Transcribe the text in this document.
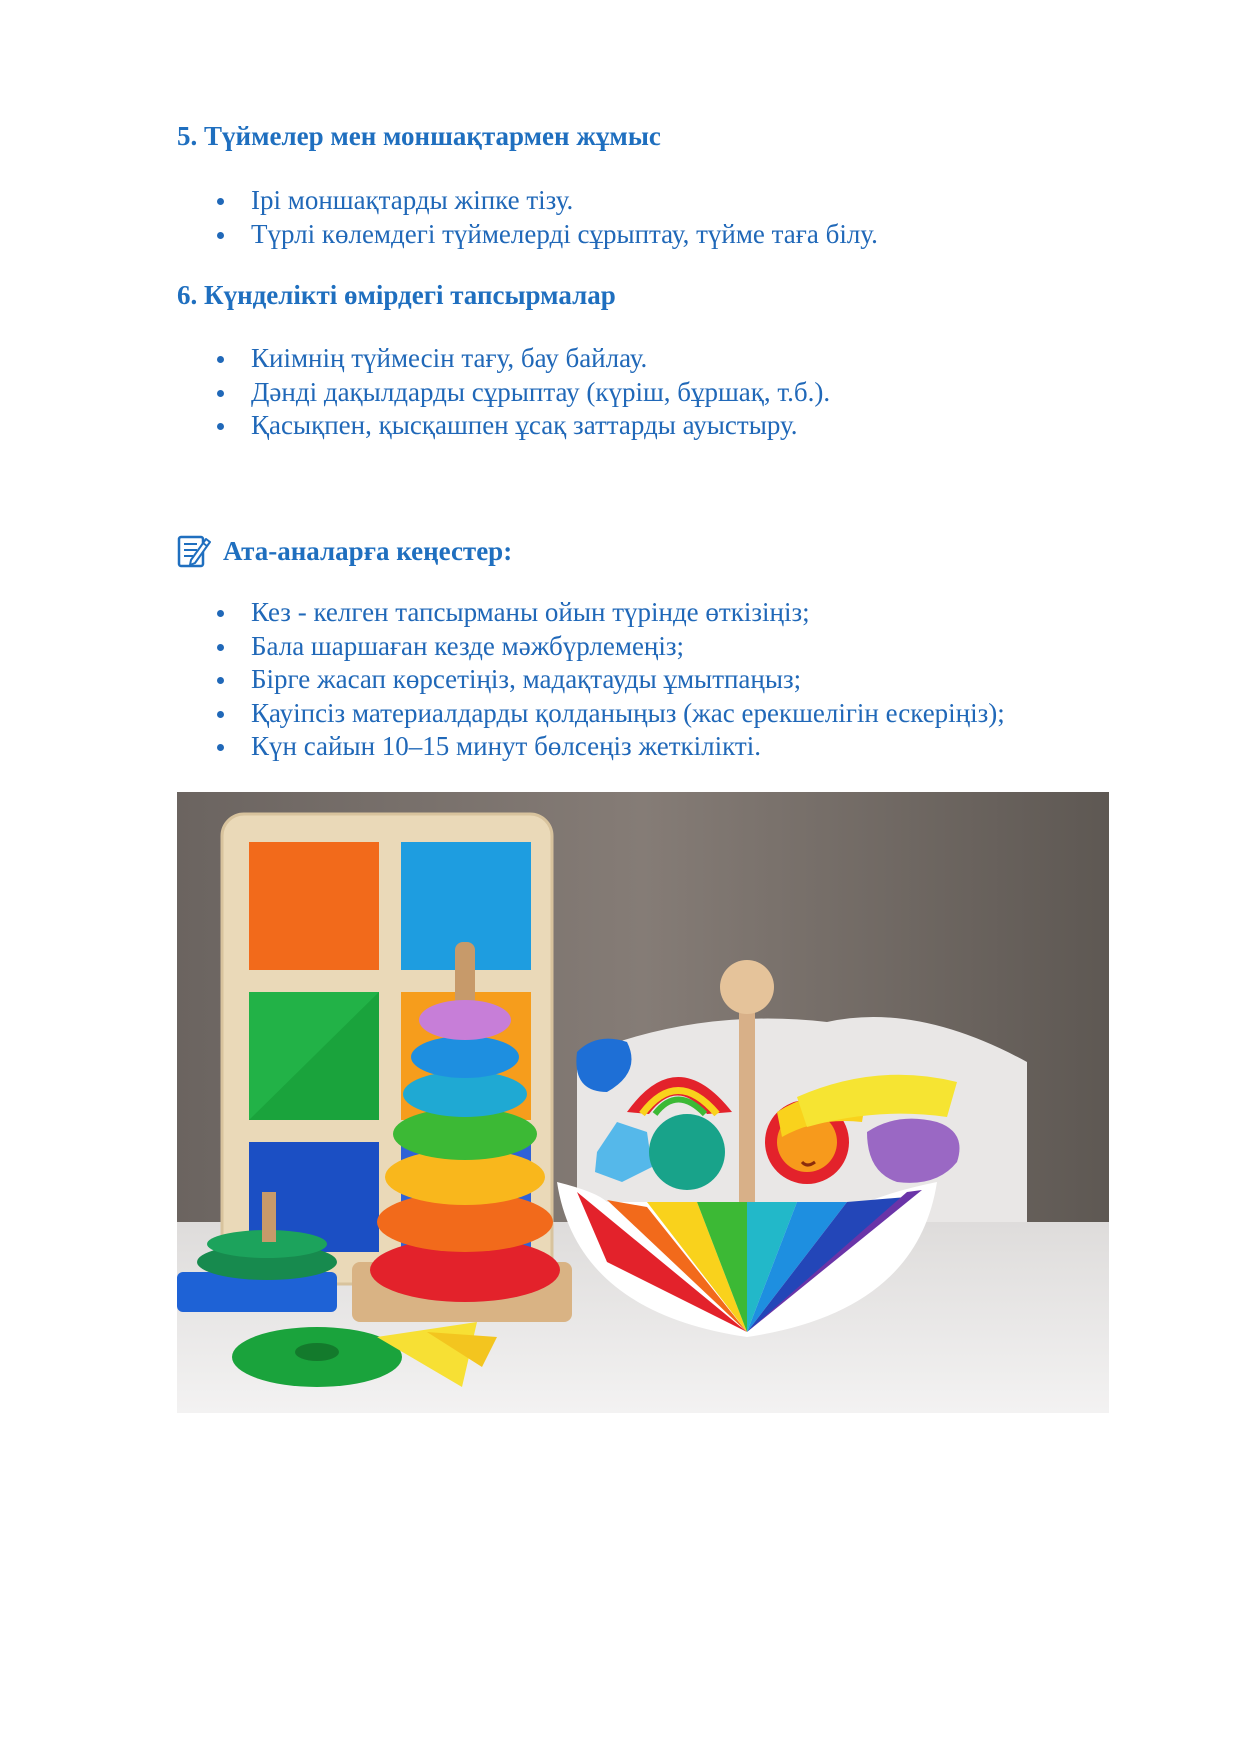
5. Түймелер мен моншақтармен жұмыс
Ірі моншақтарды жіпке тізу.
Түрлі көлемдегі түймелерді сұрыптау, түйме таға білу.
6. Күнделікті өмірдегі тапсырмалар
Киімнің түймесін тағу, бау байлау.
Дәнді дақылдарды сұрыптау (күріш, бұршақ, т.б.).
Қасықпен, қысқашпен ұсақ заттарды ауыстыру.
Ата-аналарға кеңестер:
Кез - келген тапсырманы ойын түрінде өткізіңіз;
Бала шаршаған кезде мәжбүрлемеңіз;
Бірге жасап көрсетіңіз, мадақтауды ұмытпаңыз;
Қауіпсіз материалдарды қолданыңыз (жас ерекшелігін ескеріңіз);
Күн сайын 10–15 минут бөлсеңіз жеткілікті.
